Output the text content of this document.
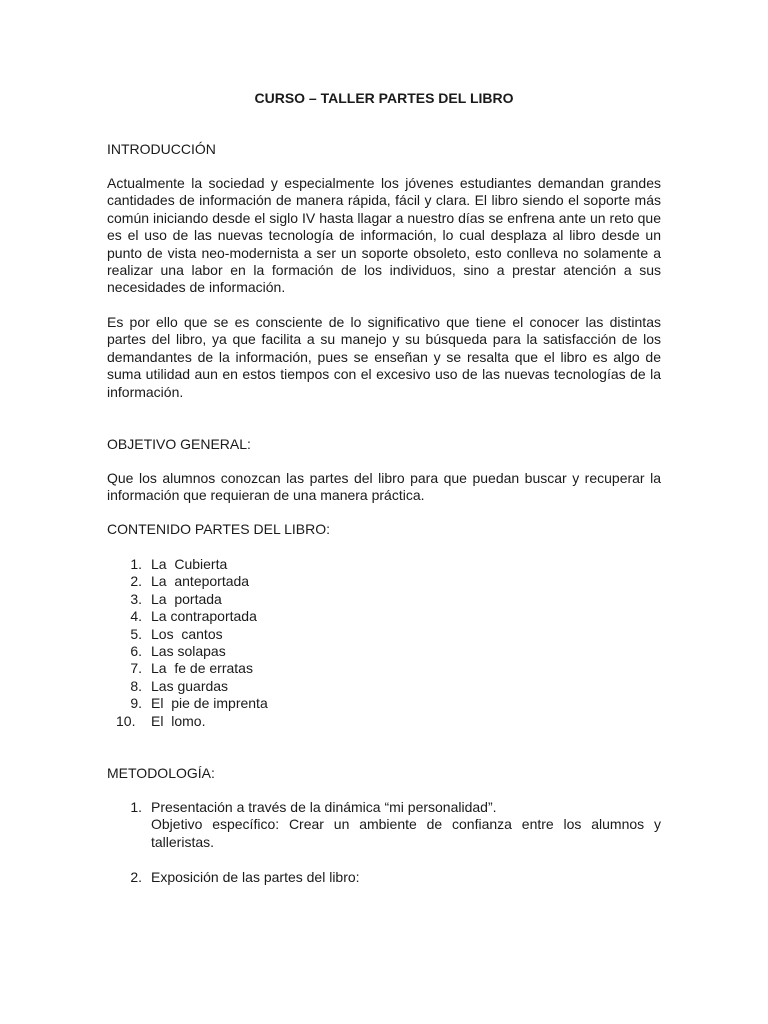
CURSO – TALLER PARTES DEL LIBRO
INTRODUCCIÓN
Actualmente la sociedad y especialmente los jóvenes estudiantes demandan grandes cantidades de información de manera rápida, fácil y clara. El libro siendo el soporte más común iniciando desde el siglo IV hasta llagar a nuestro días se enfrena ante un reto que es el uso de las nuevas tecnología de información, lo cual desplaza al libro desde un punto de vista neo-modernista a ser un soporte obsoleto, esto conlleva no solamente a realizar una labor en la formación de los individuos, sino a prestar atención a sus necesidades de información.
Es por ello que se es consciente de lo significativo que tiene el conocer las distintas partes del libro, ya que facilita a su manejo y su búsqueda para la satisfacción de los demandantes de la información, pues se enseñan y se resalta que el libro es algo de suma utilidad aun en estos tiempos con el excesivo uso de las nuevas tecnologías de la información.
OBJETIVO GENERAL:
Que los alumnos conozcan las partes del libro para que puedan buscar y recuperar la información que requieran de una manera práctica.
CONTENIDO PARTES DEL LIBRO:
1. La  Cubierta
2. La  anteportada
3. La  portada
4. La contraportada
5. Los  cantos
6. Las solapas
7. La  fe de erratas
8. Las guardas
9. El  pie de imprenta
10.	El  lomo.
METODOLOGÍA:
1. Presentación a través de la dinámica “mi personalidad”.
Objetivo específico: Crear un ambiente de confianza entre los alumnos y talleristas.
2. Exposición de las partes del libro:
